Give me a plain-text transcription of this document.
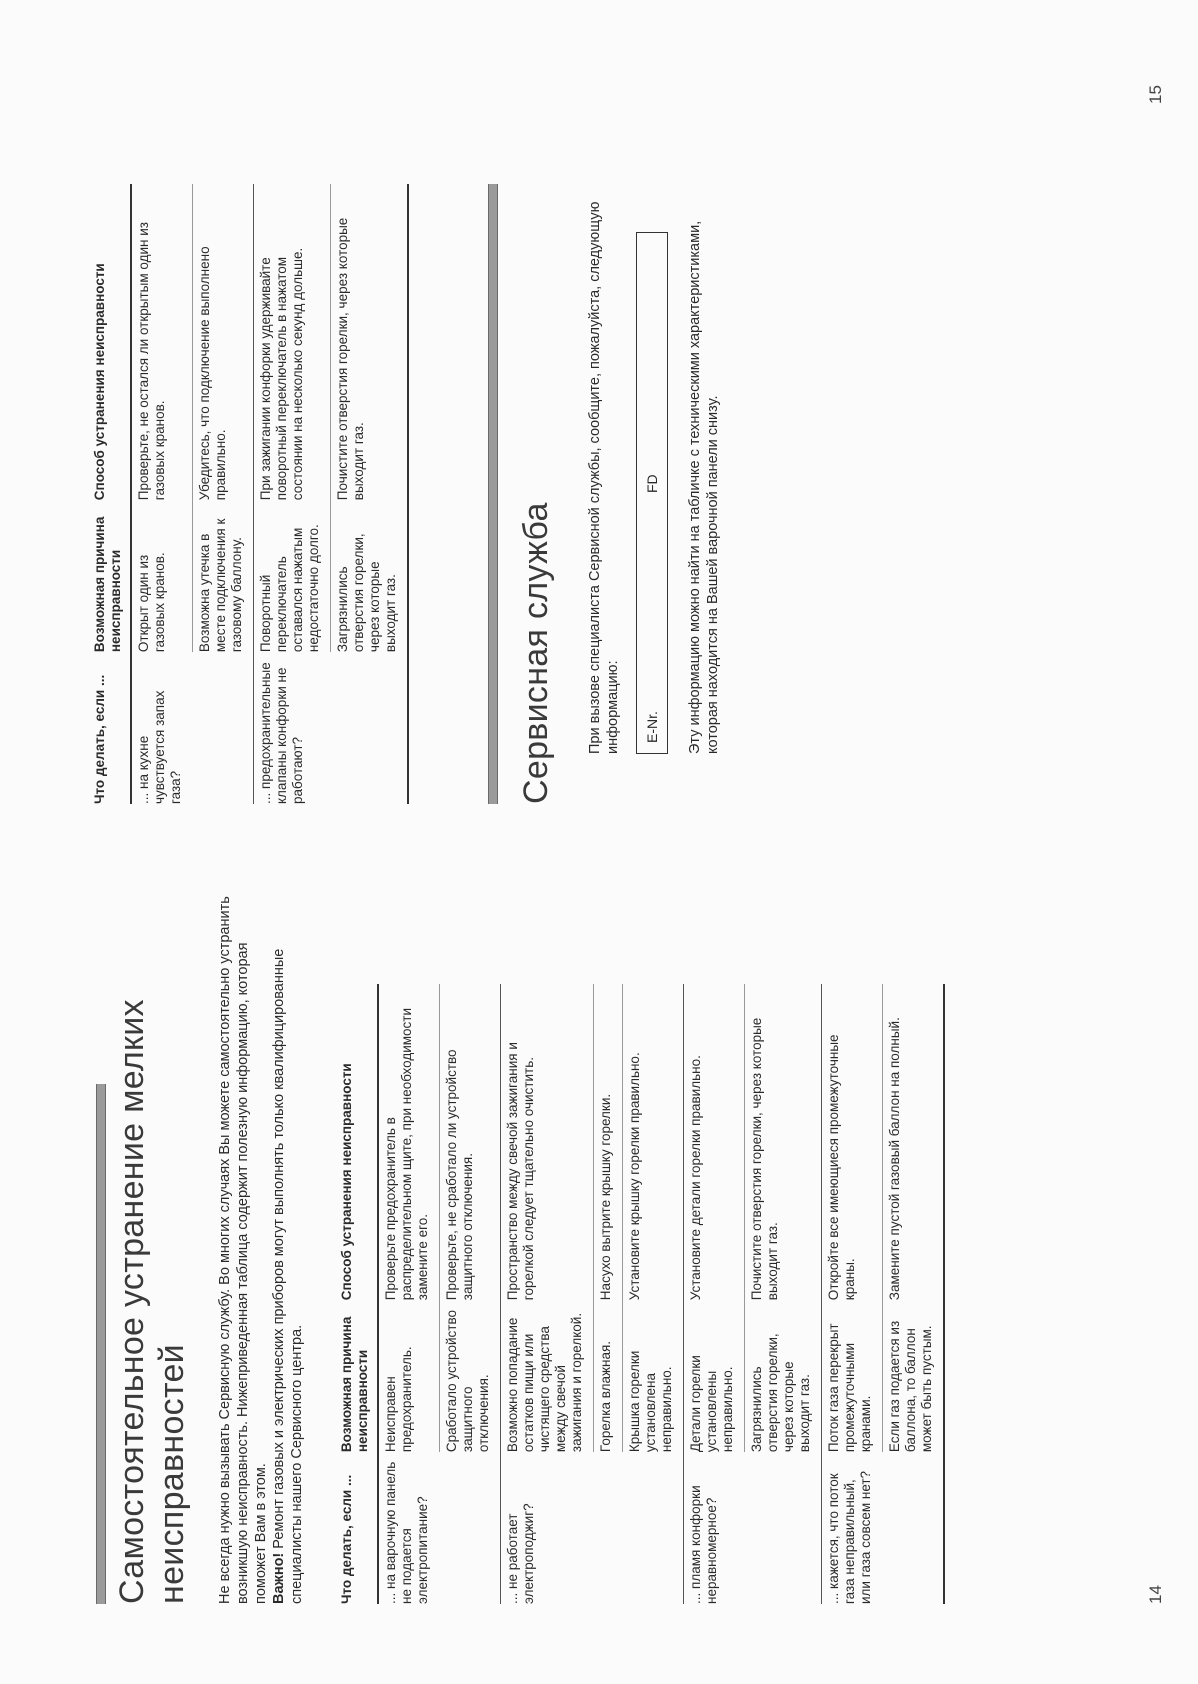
Самостоятельное устранение мелких неисправностей Не всегда нужно вызывать Сервисную службу. Во многих случаях Вы можете самостоятельно устранить возникшую неисправность. Нижеприведенная таблица содержит полезную информацию, которая поможет Вам в этом. Важно! Ремонт газовых и электрических приборов могут выполнять только квалифицированные специалисты нашего Сервисного центра.	Что делать, если ...	Возможная причина неисправности	Способ устранения неисправности
... на варочную панель не подается электропитание?	Неисправен предохранитель.	Проверьте предохранитель в распределительном щите, при необходимости замените его.
	Сработало устройство защитного отключения.	Проверьте, не сработало ли устройство защитного отключения.
... не работает электроподжиг?	Возможно попадание остатков пищи или чистящего средства между свечой зажигания и горелкой.	Пространство между свечой зажигания и горелкой следует тщательно очистить.
	Горелка влажная.	Насухо вытрите крышку горелки.
	Крышка горелки установлена неправильно.	Установите крышку горелки правильно.
... пламя конфорки неравномерное?	Детали горелки установлены неправильно.	Установите детали горелки правильно.
	Загрязнились отверстия горелки, через которые выходит газ.	Почистите отверстия горелки, через которые выходит газ.
... кажется, что поток газа неправильный, или газа совсем нет?	Поток газа перекрыт промежуточными кранами.	Откройте все имеющиеся промежуточные краны.
	Если газ подается из баллона, то баллон может быть пустым.	Замените пустой газовый баллон на полный.
14
Что делать, если ...	Возможная причина неисправности	Способ устранения неисправности
... на кухне чувствуется запах газа?	Открыт один из газовых кранов.	Проверьте, не остался ли открытым один из газовых кранов.
	Возможна утечка в месте подключения к газовому баллону.	Убедитесь, что подключение выполнено правильно.
... предохранительные клапаны конфорки не работают?	Поворотный переключатель оставался нажатым недостаточно долго.	При зажигании конфорки удерживайте поворотный переключатель в нажатом состоянии на несколько секунд дольше.
	Загрязнились отверстия горелки, через которые выходит газ.	Почистите отверстия горелки, через которые выходит газ.
Сервисная служба При вызове специалиста Сервисной службы, сообщите, пожалуйста, следующую информацию: E-Nr.
FD Эту информацию можно найти на табличке с техническими характеристиками, которая находится на Вашей варочной панели снизу.

15
